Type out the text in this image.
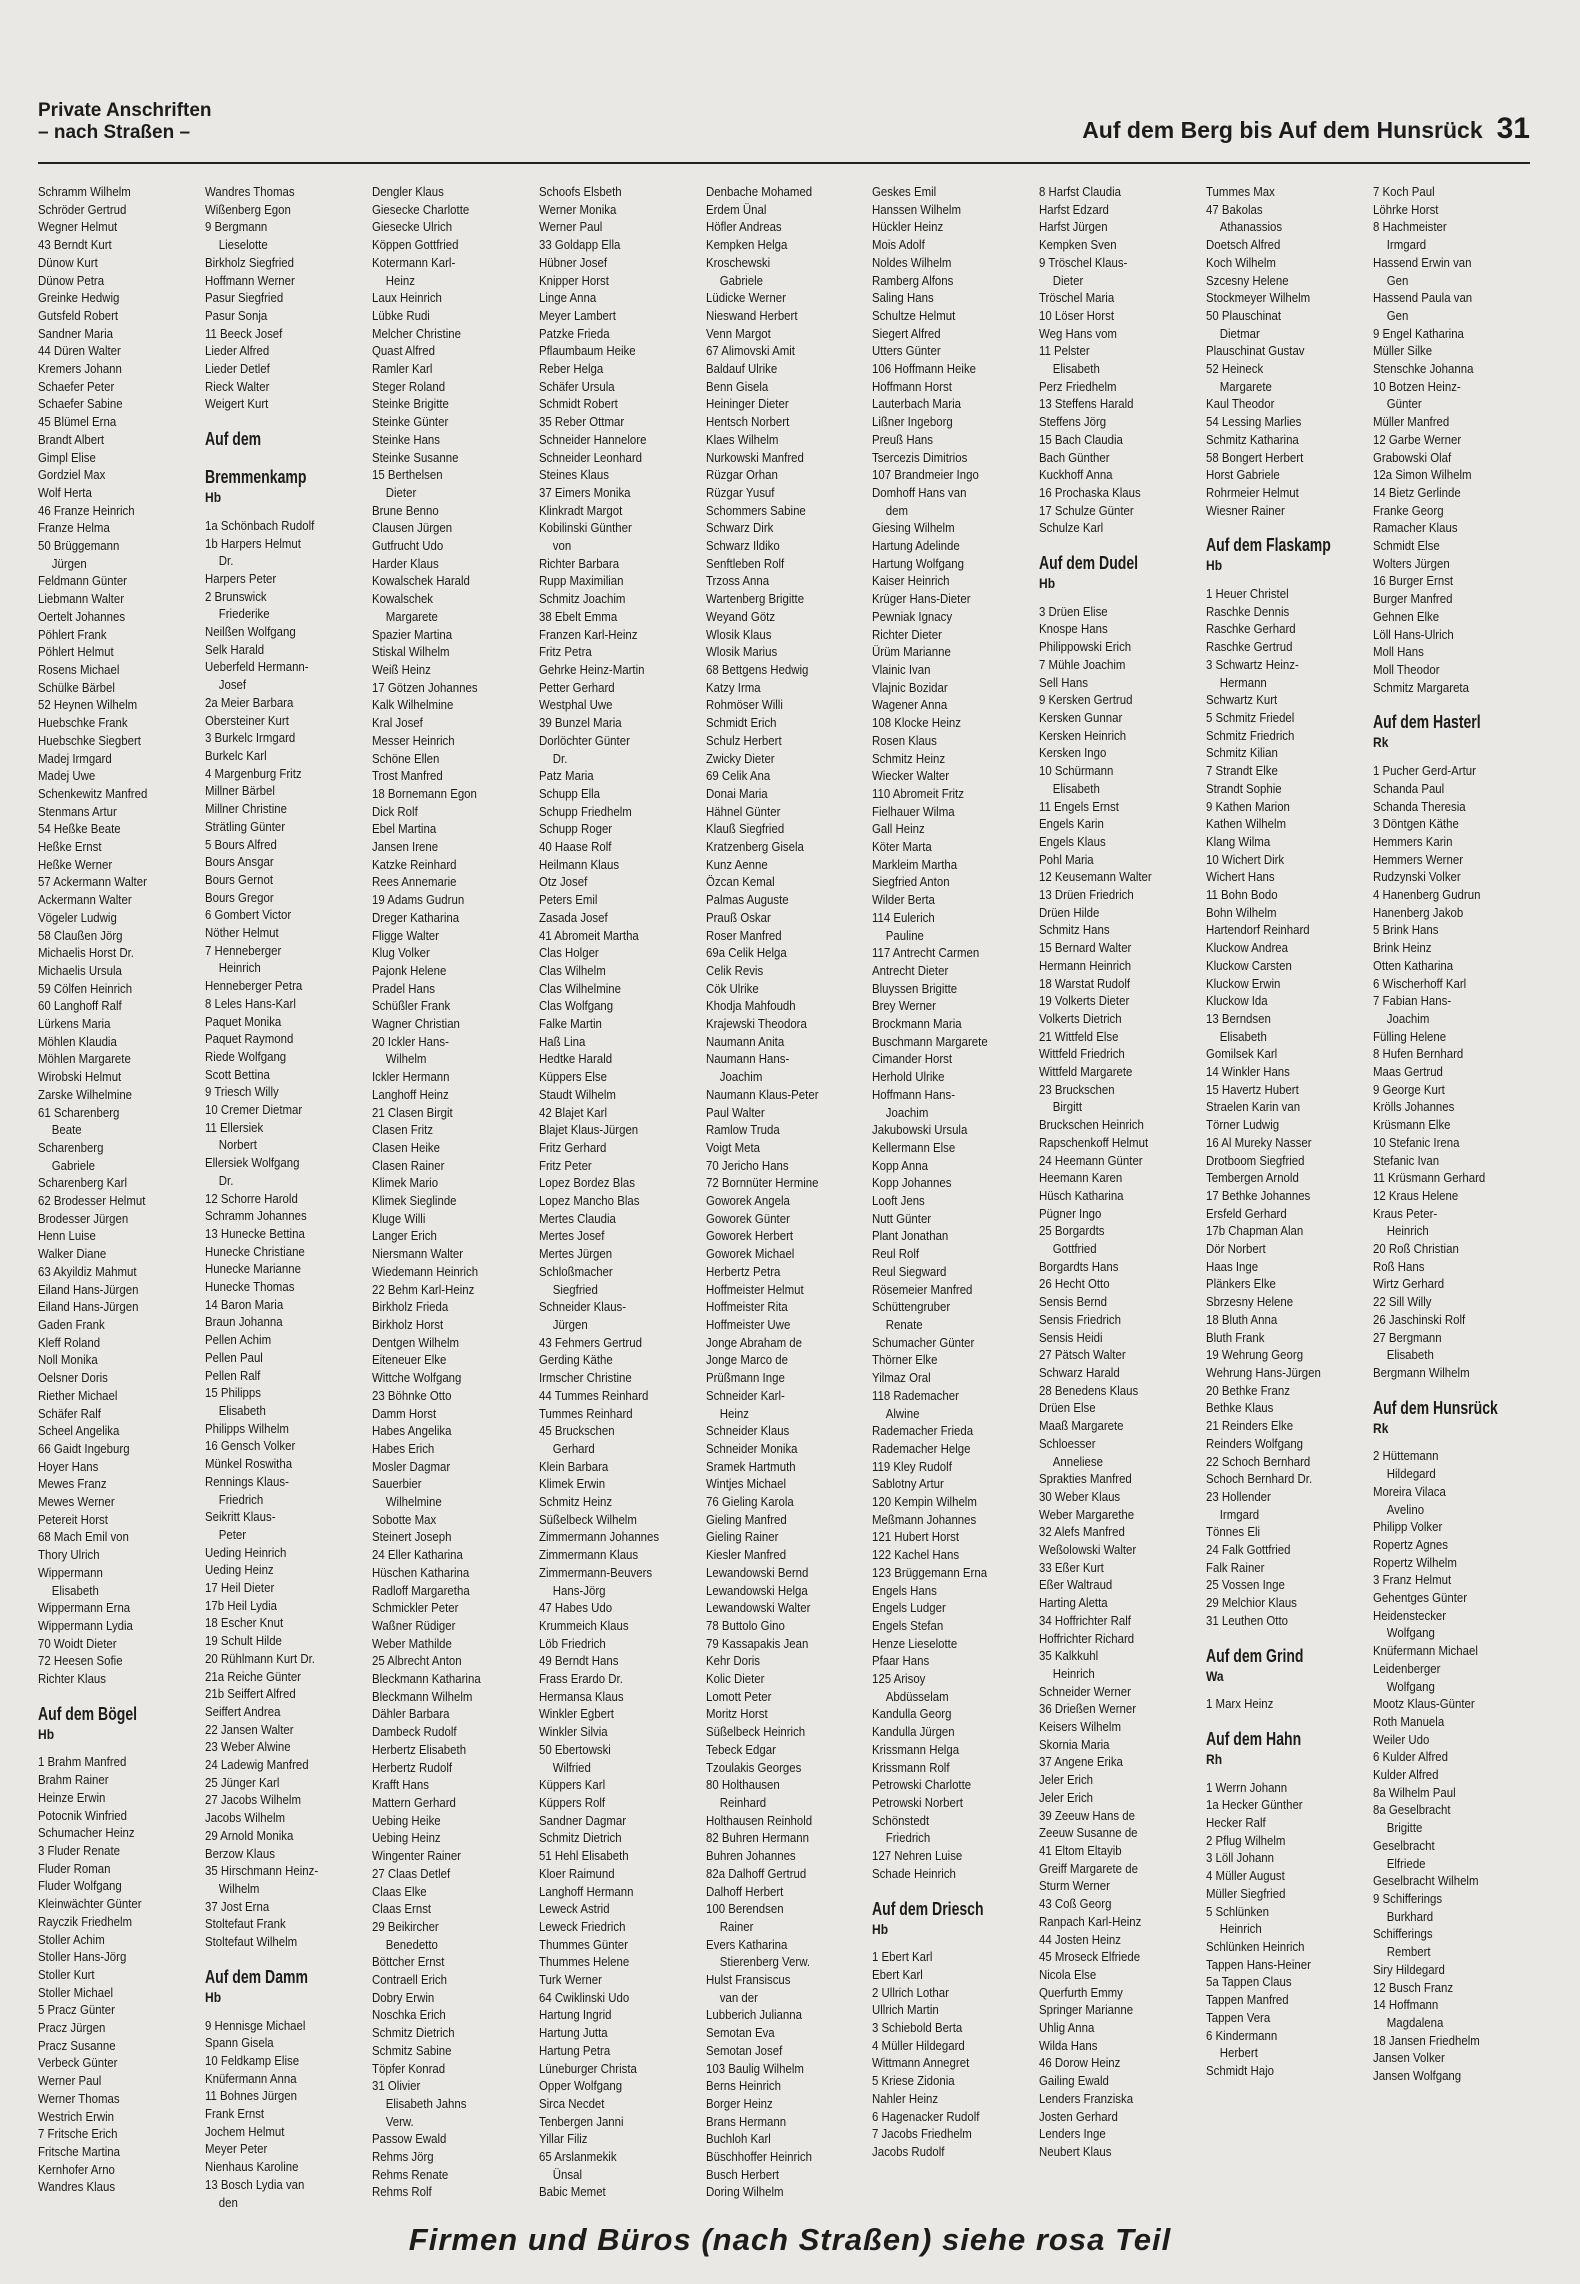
Private Anschriften
– nach Straßen –	Auf dem Berg bis Auf dem Hunsrück 31
Schramm Wilhelm
Schröder Gertrud
Wegner Helmut
43 Berndt Kurt
Dünow Kurt
Dünow Petra
Greinke Hedwig
Gutsfeld Robert
Sandner Maria
44 Düren Walter
Kremers Johann
Schaefer Peter
Schaefer Sabine
45 Blümel Erna
Brandt Albert
Gimpl Elise
Gordziel Max
Wolf Herta
46 Franze Heinrich
Franze Helma
50 Brüggemann
Jürgen
Feldmann Günter
Liebmann Walter
Oertelt Johannes
Pöhlert Frank
Pöhlert Helmut
Rosens Michael
Schülke Bärbel
52 Heynen Wilhelm
Huebschke Frank
Huebschke Siegbert
Madej Irmgard
Madej Uwe
Schenkewitz Manfred
Stenmans Artur
54 Heßke Beate
Heßke Ernst
Heßke Werner
57 Ackermann Walter
Ackermann Walter
Vögeler Ludwig
58 Claußen Jörg
Michaelis Horst Dr.
Michaelis Ursula
59 Cölfen Heinrich
60 Langhoff Ralf
Lürkens Maria
Möhlen Klaudia
Möhlen Margarete
Wirobski Helmut
Zarske Wilhelmine
61 Scharenberg
Beate
Scharenberg
Gabriele
Scharenberg Karl
62 Brodesser Helmut
Brodesser Jürgen
Henn Luise
Walker Diane
63 Akyildiz Mahmut
Eiland Hans-Jürgen
Eiland Hans-Jürgen
Gaden Frank
Kleff Roland
Noll Monika
Oelsner Doris
Riether Michael
Schäfer Ralf
Scheel Angelika
66 Gaidt Ingeburg
Hoyer Hans
Mewes Franz
Mewes Werner
Petereit Horst
68 Mach Emil von
Thory Ulrich
Wippermann
Elisabeth
Wippermann Erna
Wippermann Lydia
70 Woidt Dieter
72 Heesen Sofie
Richter Klaus
Auf dem Bögel
Hb
1 Brahm Manfred
Brahm Rainer
Heinze Erwin
Potocnik Winfried
Schumacher Heinz
3 Fluder Renate
Fluder Roman
Fluder Wolfgang
Kleinwächter Günter
Rayczik Friedhelm
Stoller Achim
Stoller Hans-Jörg
Stoller Kurt
Stoller Michael
5 Pracz Günter
Pracz Jürgen
Pracz Susanne
Verbeck Günter
Werner Paul
Werner Thomas
Westrich Erwin
7 Fritsche Erich
Fritsche Martina
Kernhofer Arno
Wandres Klaus
Wandres Thomas
Wißenberg Egon
9 Bergmann
Lieselotte
Birkholz Siegfried
Hoffmann Werner
Pasur Siegfried
Pasur Sonja
11 Beeck Josef
Lieder Alfred
Lieder Detlef
Rieck Walter
Weigert Kurt
Auf dem
Bremmenkamp
Hb
1a Schönbach Rudolf
1b Harpers Helmut
Dr.
Harpers Peter
2 Brunswick
Friederike
Neilßen Wolfgang
Selk Harald
Ueberfeld Hermann-
Josef
2a Meier Barbara
Obersteiner Kurt
3 Burkelc Irmgard
Burkelc Karl
4 Margenburg Fritz
Millner Bärbel
Millner Christine
Strätling Günter
5 Bours Alfred
Bours Ansgar
Bours Gernot
Bours Gregor
6 Gombert Victor
Nöther Helmut
7 Henneberger
Heinrich
Henneberger Petra
8 Leles Hans-Karl
Paquet Monika
Paquet Raymond
Riede Wolfgang
Scott Bettina
9 Triesch Willy
10 Cremer Dietmar
11 Ellersiek
Norbert
Ellersiek Wolfgang
Dr.
12 Schorre Harold
Schramm Johannes
13 Hunecke Bettina
Hunecke Christiane
Hunecke Marianne
Hunecke Thomas
14 Baron Maria
Braun Johanna
Pellen Achim
Pellen Paul
Pellen Ralf
15 Philipps
Elisabeth
Philipps Wilhelm
16 Gensch Volker
Münkel Roswitha
Rennings Klaus-
Friedrich
Seikritt Klaus-
Peter
Ueding Heinrich
Ueding Heinz
17 Heil Dieter
17b Heil Lydia
18 Escher Knut
19 Schult Hilde
20 Rühlmann Kurt Dr.
21a Reiche Günter
21b Seiffert Alfred
Seiffert Andrea
22 Jansen Walter
23 Weber Alwine
24 Ladewig Manfred
25 Jünger Karl
27 Jacobs Wilhelm
Jacobs Wilhelm
29 Arnold Monika
Berzow Klaus
35 Hirschmann Heinz-
Wilhelm
37 Jost Erna
Stoltefaut Frank
Stoltefaut Wilhelm
Auf dem Damm
Hb
9 Hennisge Michael
Spann Gisela
10 Feldkamp Elise
Knüfermann Anna
11 Bohnes Jürgen
Frank Ernst
Jochem Helmut
Meyer Peter
Nienhaus Karoline
13 Bosch Lydia van
den
Dengler Klaus
Giesecke Charlotte
Giesecke Ulrich
Köppen Gottfried
Kotermann Karl-
Heinz
Laux Heinrich
Lübke Rudi
Melcher Christine
Quast Alfred
Ramler Karl
Steger Roland
Steinke Brigitte
Steinke Günter
Steinke Hans
Steinke Susanne
15 Berthelsen
Dieter
Brune Benno
Clausen Jürgen
Gutfrucht Udo
Harder Klaus
Kowalschek Harald
Kowalschek
Margarete
Spazier Martina
Stiskal Wilhelm
Weiß Heinz
17 Götzen Johannes
Kalk Wilhelmine
Kral Josef
Messer Heinrich
Schöne Ellen
Trost Manfred
18 Bornemann Egon
Dick Rolf
Ebel Martina
Jansen Irene
Katzke Reinhard
Rees Annemarie
19 Adams Gudrun
Dreger Katharina
Fligge Walter
Klug Volker
Pajonk Helene
Pradel Hans
Schüßler Frank
Wagner Christian
20 Ickler Hans-
Wilhelm
Ickler Hermann
Langhoff Heinz
21 Clasen Birgit
Clasen Fritz
Clasen Heike
Clasen Rainer
Klimek Mario
Klimek Sieglinde
Kluge Willi
Langer Erich
Niersmann Walter
Wiedemann Heinrich
22 Behm Karl-Heinz
Birkholz Frieda
Birkholz Horst
Dentgen Wilhelm
Eiteneuer Elke
Wittche Wolfgang
23 Böhnke Otto
Damm Horst
Habes Angelika
Habes Erich
Mosler Dagmar
Sauerbier
Wilhelmine
Sobotte Max
Steinert Joseph
24 Eller Katharina
Hüschen Katharina
Radloff Margaretha
Schmickler Peter
Waßner Rüdiger
Weber Mathilde
25 Albrecht Anton
Bleckmann Katharina
Bleckmann Wilhelm
Dähler Barbara
Dambeck Rudolf
Herbertz Elisabeth
Herbertz Rudolf
Krafft Hans
Mattern Gerhard
Uebing Heike
Uebing Heinz
Wingenter Rainer
27 Claas Detlef
Claas Elke
Claas Ernst
29 Beikircher
Benedetto
Böttcher Ernst
Contraell Erich
Dobry Erwin
Noschka Erich
Schmitz Dietrich
Schmitz Sabine
Töpfer Konrad
31 Olivier
Elisabeth Jahns
Verw.
Passow Ewald
Rehms Jörg
Rehms Renate
Rehms Rolf
Schoofs Elsbeth
Werner Monika
Werner Paul
33 Goldapp Ella
Hübner Josef
Knipper Horst
Linge Anna
Meyer Lambert
Patzke Frieda
Pflaumbaum Heike
Reber Helga
Schäfer Ursula
Schmidt Robert
35 Reber Ottmar
Schneider Hannelore
Schneider Leonhard
Steines Klaus
37 Eimers Monika
Klinkradt Margot
Kobilinski Günther
von
Richter Barbara
Rupp Maximilian
Schmitz Joachim
38 Ebelt Emma
Franzen Karl-Heinz
Fritz Petra
Gehrke Heinz-Martin
Petter Gerhard
Westphal Uwe
39 Bunzel Maria
Dorlöchter Günter
Dr.
Patz Maria
Schupp Ella
Schupp Friedhelm
Schupp Roger
40 Haase Rolf
Heilmann Klaus
Otz Josef
Peters Emil
Zasada Josef
41 Abromeit Martha
Clas Holger
Clas Wilhelm
Clas Wilhelmine
Clas Wolfgang
Falke Martin
Haß Lina
Hedtke Harald
Küppers Else
Staudt Wilhelm
42 Blajet Karl
Blajet Klaus-Jürgen
Fritz Gerhard
Fritz Peter
Lopez Bordez Blas
Lopez Mancho Blas
Mertes Claudia
Mertes Josef
Mertes Jürgen
Schloßmacher
Siegfried
Schneider Klaus-
Jürgen
43 Fehmers Gertrud
Gerding Käthe
Irmscher Christine
44 Tummes Reinhard
Tummes Reinhard
45 Bruckschen
Gerhard
Klein Barbara
Klimek Erwin
Schmitz Heinz
Süßelbeck Wilhelm
Zimmermann Johannes
Zimmermann Klaus
Zimmermann-Beuvers
Hans-Jörg
47 Habes Udo
Krummeich Klaus
Löb Friedrich
49 Berndt Hans
Frass Erardo Dr.
Hermansa Klaus
Winkler Egbert
Winkler Silvia
50 Ebertowski
Wilfried
Küppers Karl
Küppers Rolf
Sandner Dagmar
Schmitz Dietrich
51 Hehl Elisabeth
Kloer Raimund
Langhoff Hermann
Leweck Astrid
Leweck Friedrich
Thummes Günter
Thummes Helene
Turk Werner
64 Cwiklinski Udo
Hartung Ingrid
Hartung Jutta
Hartung Petra
Lüneburger Christa
Opper Wolfgang
Sirca Necdet
Tenbergen Janni
Yillar Filiz
65 Arslanmekik
Ünsal
Babic Memet
Denbache Mohamed
Erdem Ünal
Höfler Andreas
Kempken Helga
Kroschewski
Gabriele
Lüdicke Werner
Nieswand Herbert
Venn Margot
67 Alimovski Amit
Baldauf Ulrike
Benn Gisela
Heininger Dieter
Hentsch Norbert
Klaes Wilhelm
Nurkowski Manfred
Rüzgar Orhan
Rüzgar Yusuf
Schommers Sabine
Schwarz Dirk
Schwarz Ildiko
Senftleben Rolf
Trzoss Anna
Wartenberg Brigitte
Weyand Götz
Wlosik Klaus
Wlosik Marius
68 Bettgens Hedwig
Katzy Irma
Rohmöser Willi
Schmidt Erich
Schulz Herbert
Zwicky Dieter
69 Celik Ana
Donai Maria
Hähnel Günter
Klauß Siegfried
Kratzenberg Gisela
Kunz Aenne
Özcan Kemal
Palmas Auguste
Prauß Oskar
Roser Manfred
69a Celik Helga
Celik Revis
Cök Ulrike
Khodja Mahfoudh
Krajewski Theodora
Naumann Anita
Naumann Hans-
Joachim
Naumann Klaus-Peter
Paul Walter
Ramlow Truda
Voigt Meta
70 Jericho Hans
72 Bornnüter Hermine
Goworek Angela
Goworek Günter
Goworek Herbert
Goworek Michael
Herbertz Petra
Hoffmeister Helmut
Hoffmeister Rita
Hoffmeister Uwe
Jonge Abraham de
Jonge Marco de
Prüßmann Inge
Schneider Karl-
Heinz
Schneider Klaus
Schneider Monika
Sramek Hartmuth
Wintjes Michael
76 Gieling Karola
Gieling Manfred
Gieling Rainer
Kiesler Manfred
Lewandowski Bernd
Lewandowski Helga
Lewandowski Walter
78 Buttolo Gino
79 Kassapakis Jean
Kehr Doris
Kolic Dieter
Lomott Peter
Moritz Horst
Süßelbeck Heinrich
Tebeck Edgar
Tzoulakis Georges
80 Holthausen
Reinhard
Holthausen Reinhold
82 Buhren Hermann
Buhren Johannes
82a Dalhoff Gertrud
Dalhoff Herbert
100 Berendsen
Rainer
Evers Katharina
Stierenberg Verw.
Hulst Fransiscus
van der
Lubberich Julianna
Semotan Eva
Semotan Josef
103 Baulig Wilhelm
Berns Heinrich
Borger Heinz
Brans Hermann
Buchloh Karl
Büschhoffer Heinrich
Busch Herbert
Doring Wilhelm
Geskes Emil
Hanssen Wilhelm
Hückler Heinz
Mois Adolf
Noldes Wilhelm
Ramberg Alfons
Saling Hans
Schultze Helmut
Siegert Alfred
Utters Günter
106 Hoffmann Heike
Hoffmann Horst
Lauterbach Maria
Lißner Ingeborg
Preuß Hans
Tsercezis Dimitrios
107 Brandmeier Ingo
Domhoff Hans van
dem
Giesing Wilhelm
Hartung Adelinde
Hartung Wolfgang
Kaiser Heinrich
Krüger Hans-Dieter
Pewniak Ignacy
Richter Dieter
Ürüm Marianne
Vlainic Ivan
Vlajnic Bozidar
Wagener Anna
108 Klocke Heinz
Rosen Klaus
Schmitz Heinz
Wiecker Walter
110 Abromeit Fritz
Fielhauer Wilma
Gall Heinz
Köter Marta
Markleim Martha
Siegfried Anton
Wilder Berta
114 Eulerich
Pauline
117 Antrecht Carmen
Antrecht Dieter
Bluyssen Brigitte
Brey Werner
Brockmann Maria
Buschmann Margarete
Cimander Horst
Herhold Ulrike
Hoffmann Hans-
Joachim
Jakubowski Ursula
Kellermann Else
Kopp Anna
Kopp Johannes
Looft Jens
Nutt Günter
Plant Jonathan
Reul Rolf
Reul Siegward
Rösemeier Manfred
Schüttengruber
Renate
Schumacher Günter
Thörner Elke
Yilmaz Oral
118 Rademacher
Alwine
Rademacher Frieda
Rademacher Helge
119 Kley Rudolf
Sablotny Artur
120 Kempin Wilhelm
Meßmann Johannes
121 Hubert Horst
122 Kachel Hans
123 Brüggemann Erna
Engels Hans
Engels Ludger
Engels Stefan
Henze Lieselotte
Pfaar Hans
125 Arisoy
Abdüsselam
Kandulla Georg
Kandulla Jürgen
Krissmann Helga
Krissmann Rolf
Petrowski Charlotte
Petrowski Norbert
Schönstedt
Friedrich
127 Nehren Luise
Schade Heinrich
Auf dem Driesch
Hb
1 Ebert Karl
Ebert Karl
2 Ullrich Lothar
Ullrich Martin
3 Schiebold Berta
4 Müller Hildegard
Wittmann Annegret
5 Kriese Zidonia
Nahler Heinz
6 Hagenacker Rudolf
7 Jacobs Friedhelm
Jacobs Rudolf
8 Harfst Claudia
Harfst Edzard
Harfst Jürgen
Kempken Sven
9 Tröschel Klaus-
Dieter
Tröschel Maria
10 Löser Horst
Weg Hans vom
11 Pelster
Elisabeth
Perz Friedhelm
13 Steffens Harald
Steffens Jörg
15 Bach Claudia
Bach Günther
Kuckhoff Anna
16 Prochaska Klaus
17 Schulze Günter
Schulze Karl
Auf dem Dudel
Hb
3 Drüen Elise
Knospe Hans
Philippowski Erich
7 Mühle Joachim
Sell Hans
9 Kersken Gertrud
Kersken Gunnar
Kersken Heinrich
Kersken Ingo
10 Schürmann
Elisabeth
11 Engels Ernst
Engels Karin
Engels Klaus
Pohl Maria
12 Keusemann Walter
13 Drüen Friedrich
Drüen Hilde
Schmitz Hans
15 Bernard Walter
Hermann Heinrich
18 Warstat Rudolf
19 Volkerts Dieter
Volkerts Dietrich
21 Wittfeld Else
Wittfeld Friedrich
Wittfeld Margarete
23 Bruckschen
Birgitt
Bruckschen Heinrich
Rapschenkoff Helmut
24 Heemann Günter
Heemann Karen
Hüsch Katharina
Pügner Ingo
25 Borgardts
Gottfried
Borgardts Hans
26 Hecht Otto
Sensis Bernd
Sensis Friedrich
Sensis Heidi
27 Pätsch Walter
Schwarz Harald
28 Benedens Klaus
Drüen Else
Maaß Margarete
Schloesser
Anneliese
Sprakties Manfred
30 Weber Klaus
Weber Margarethe
32 Alefs Manfred
Weßolowski Walter
33 Eßer Kurt
Eßer Waltraud
Harting Aletta
34 Hoffrichter Ralf
Hoffrichter Richard
35 Kalkkuhl
Heinrich
Schneider Werner
36 Drießen Werner
Keisers Wilhelm
Skornia Maria
37 Angene Erika
Jeler Erich
Jeler Erich
39 Zeeuw Hans de
Zeeuw Susanne de
41 Eltom Eltayib
Greiff Margarete de
Sturm Werner
43 Coß Georg
Ranpach Karl-Heinz
44 Josten Heinz
45 Mroseck Elfriede
Nicola Else
Querfurth Emmy
Springer Marianne
Uhlig Anna
Wilda Hans
46 Dorow Heinz
Gailing Ewald
Lenders Franziska
Josten Gerhard
Lenders Inge
Neubert Klaus
Tummes Max
47 Bakolas
Athanassios
Doetsch Alfred
Koch Wilhelm
Szcesny Helene
Stockmeyer Wilhelm
50 Plauschinat
Dietmar
Plauschinat Gustav
52 Heineck
Margarete
Kaul Theodor
54 Lessing Marlies
Schmitz Katharina
58 Bongert Herbert
Horst Gabriele
Rohrmeier Helmut
Wiesner Rainer
Auf dem Flaskamp
Hb
1 Heuer Christel
Raschke Dennis
Raschke Gerhard
Raschke Gertrud
3 Schwartz Heinz-
Hermann
Schwartz Kurt
5 Schmitz Friedel
Schmitz Friedrich
Schmitz Kilian
7 Strandt Elke
Strandt Sophie
9 Kathen Marion
Kathen Wilhelm
Klang Wilma
10 Wichert Dirk
Wichert Hans
11 Bohn Bodo
Bohn Wilhelm
Hartendorf Reinhard
Kluckow Andrea
Kluckow Carsten
Kluckow Erwin
Kluckow Ida
13 Berndsen
Elisabeth
Gomilsek Karl
14 Winkler Hans
15 Havertz Hubert
Straelen Karin van
Törner Ludwig
16 Al Mureky Nasser
Drotboom Siegfried
Tembergen Arnold
17 Bethke Johannes
Ersfeld Gerhard
17b Chapman Alan
Dör Norbert
Haas Inge
Plänkers Elke
Sbrzesny Helene
18 Bluth Anna
Bluth Frank
19 Wehrung Georg
Wehrung Hans-Jürgen
20 Bethke Franz
Bethke Klaus
21 Reinders Elke
Reinders Wolfgang
22 Schoch Bernhard
Schoch Bernhard Dr.
23 Hollender
Irmgard
Tönnes Eli
24 Falk Gottfried
Falk Rainer
25 Vossen Inge
29 Melchior Klaus
31 Leuthen Otto
Auf dem Grind
Wa
1 Marx Heinz
Auf dem Hahn
Rh
1 Werrn Johann
1a Hecker Günther
Hecker Ralf
2 Pflug Wilhelm
3 Löll Johann
4 Müller August
Müller Siegfried
5 Schlünken
Heinrich
Schlünken Heinrich
Tappen Hans-Heiner
5a Tappen Claus
Tappen Manfred
Tappen Vera
6 Kindermann
Herbert
Schmidt Hajo
7 Koch Paul
Löhrke Horst
8 Hachmeister
Irmgard
Hassend Erwin van
Gen
Hassend Paula van
Gen
9 Engel Katharina
Müller Silke
Stenschke Johanna
10 Botzen Heinz-
Günter
Müller Manfred
12 Garbe Werner
Grabowski Olaf
12a Simon Wilhelm
14 Bietz Gerlinde
Franke Georg
Ramacher Klaus
Schmidt Else
Wolters Jürgen
16 Burger Ernst
Burger Manfred
Gehnen Elke
Löll Hans-Ulrich
Moll Hans
Moll Theodor
Schmitz Margareta
Auf dem Hasterl
Rk
1 Pucher Gerd-Artur
Schanda Paul
Schanda Theresia
3 Döntgen Käthe
Hemmers Karin
Hemmers Werner
Rudzynski Volker
4 Hanenberg Gudrun
Hanenberg Jakob
5 Brink Hans
Brink Heinz
Otten Katharina
6 Wischerhoff Karl
7 Fabian Hans-
Joachim
Fülling Helene
8 Hufen Bernhard
Maas Gertrud
9 George Kurt
Krölls Johannes
Krüsmann Elke
10 Stefanic Irena
Stefanic Ivan
11 Krüsmann Gerhard
12 Kraus Helene
Kraus Peter-
Heinrich
20 Roß Christian
Roß Hans
Wirtz Gerhard
22 Sill Willy
26 Jaschinski Rolf
27 Bergmann
Elisabeth
Bergmann Wilhelm
Auf dem Hunsrück
Rk
2 Hüttemann
Hildegard
Moreira Vilaca
Avelino
Philipp Volker
Ropertz Agnes
Ropertz Wilhelm
3 Franz Helmut
Gehentges Günter
Heidenstecker
Wolfgang
Knüfermann Michael
Leidenberger
Wolfgang
Mootz Klaus-Günter
Roth Manuela
Weiler Udo
6 Kulder Alfred
Kulder Alfred
8a Wilhelm Paul
8a Geselbracht
Brigitte
Geselbracht
Elfriede
Geselbracht Wilhelm
9 Schifferings
Burkhard
Schifferings
Rembert
Siry Hildegard
12 Busch Franz
14 Hoffmann
Magdalena
18 Jansen Friedhelm
Jansen Volker
Jansen Wolfgang
Firmen und Büros (nach Straßen) siehe rosa Teil
